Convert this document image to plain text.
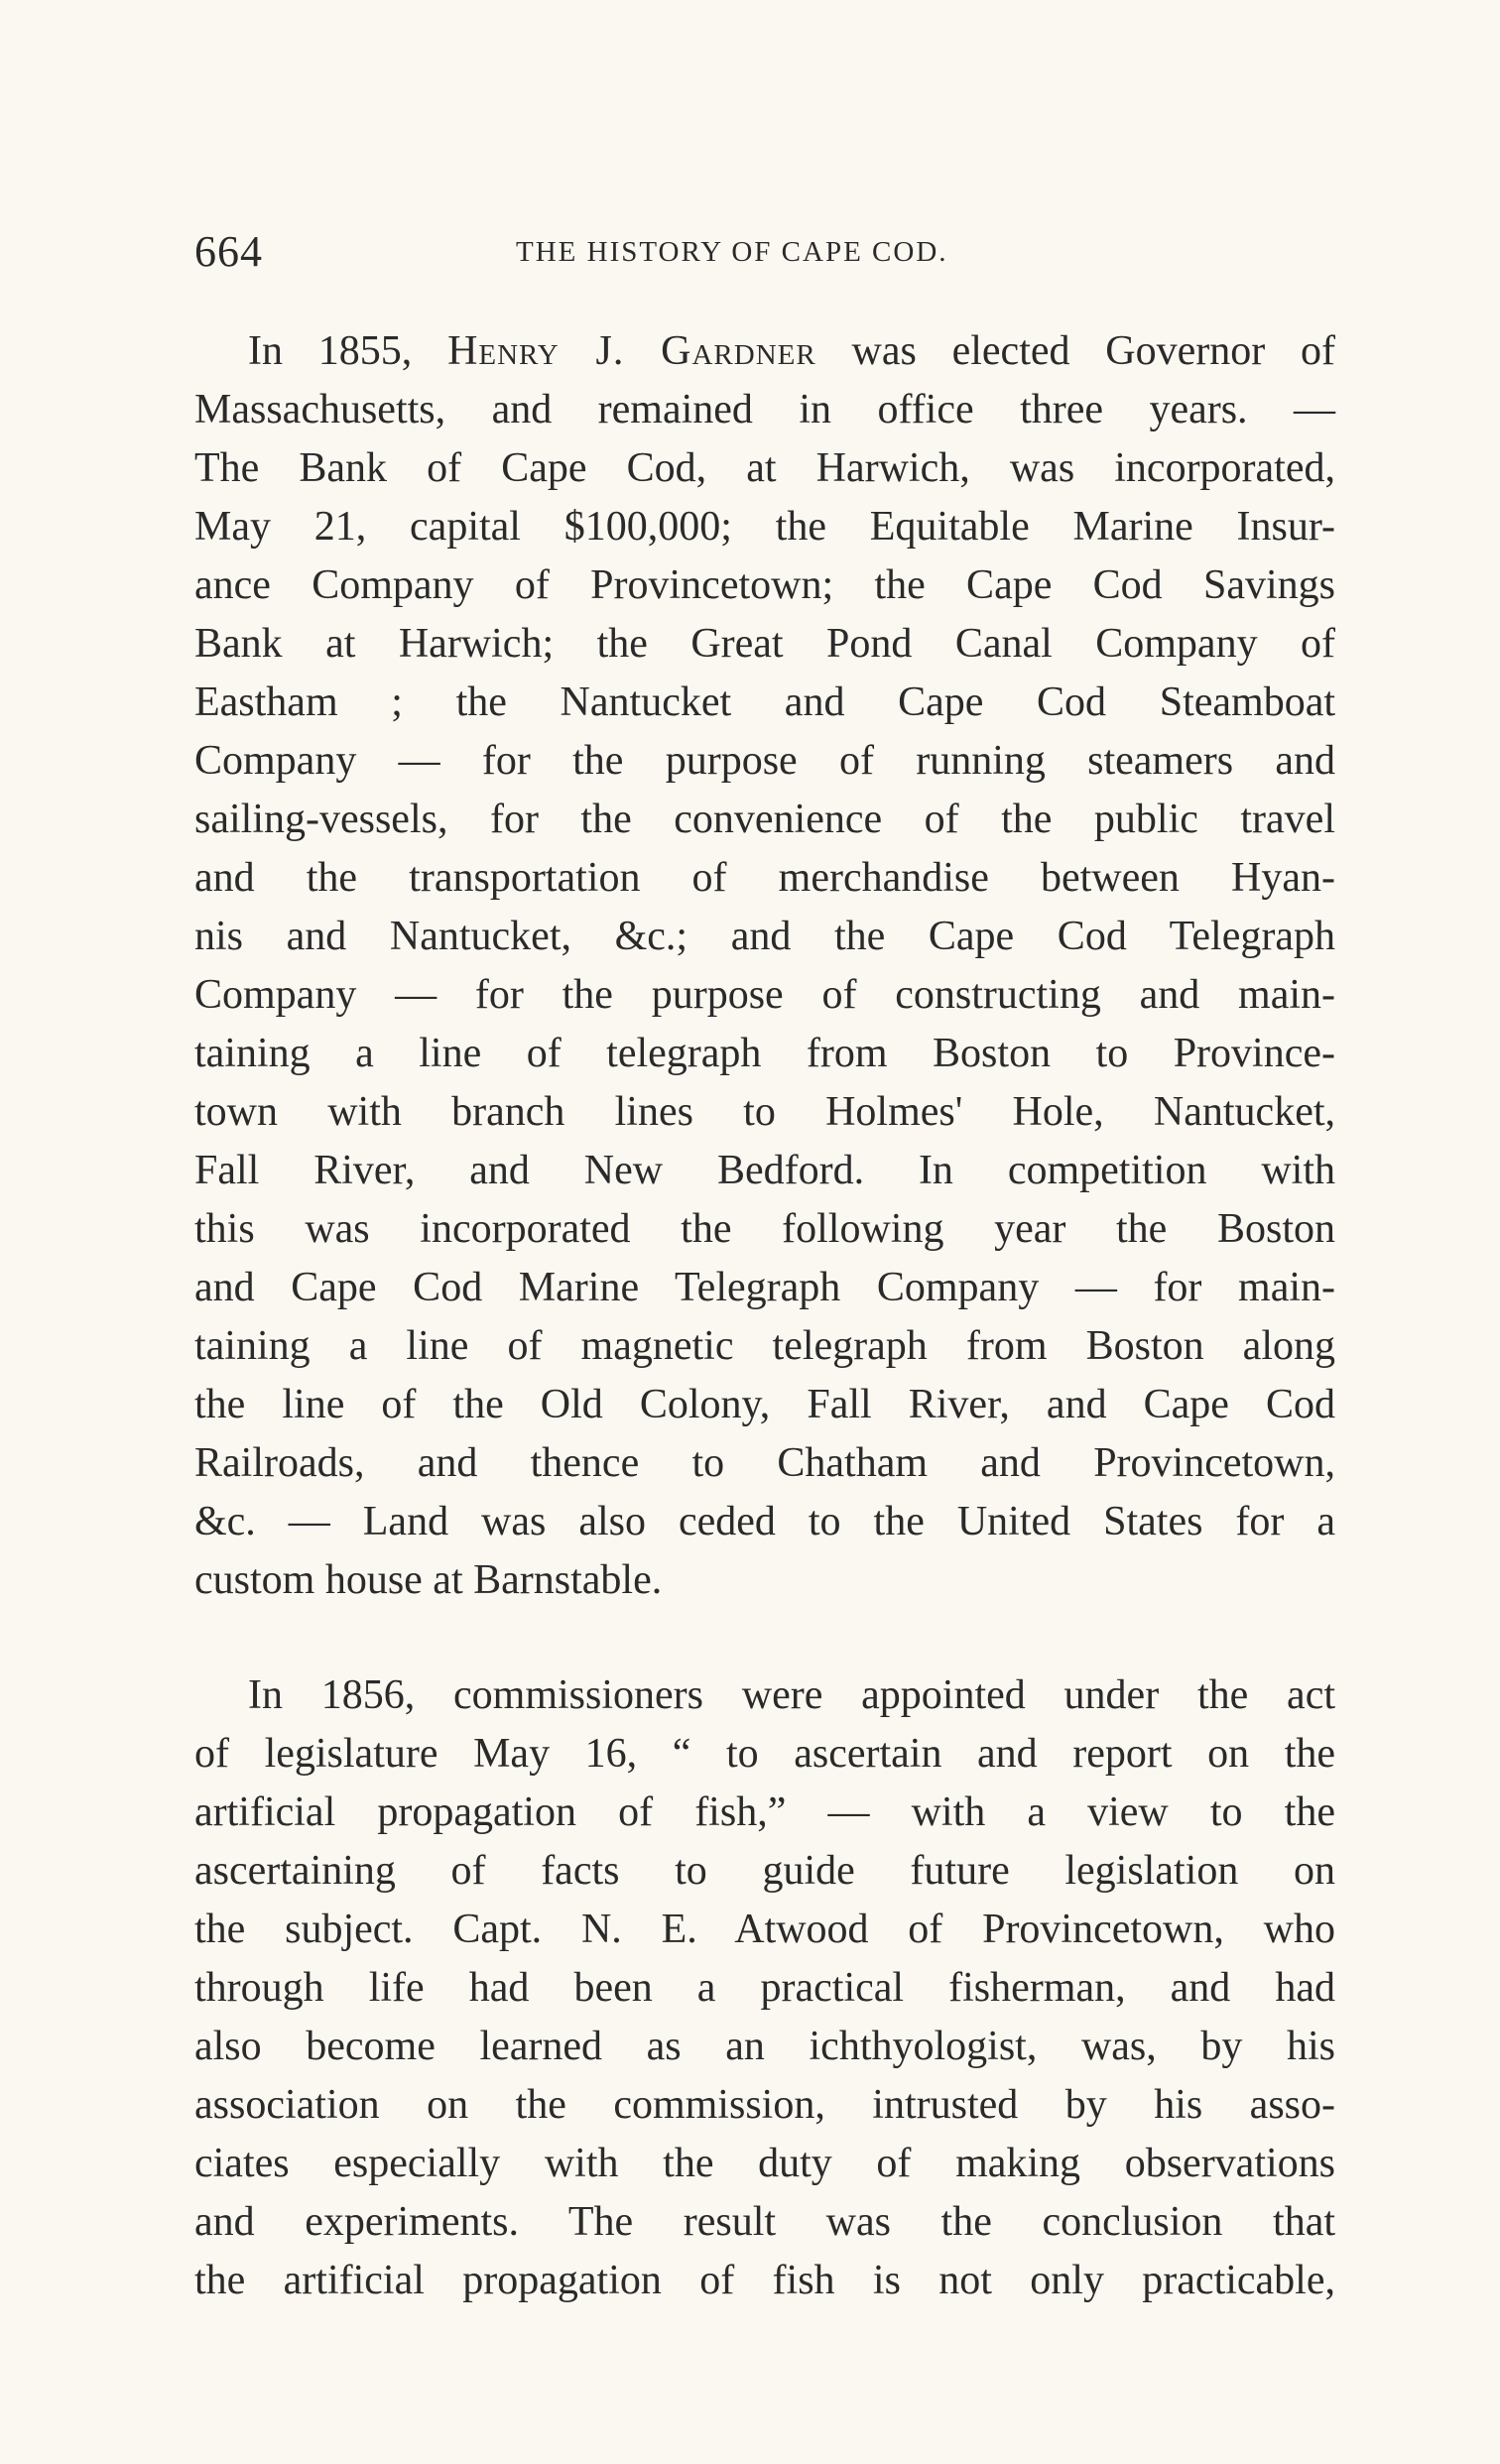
664	THE HISTORY OF CAPE COD.
In 1855, Henry J. Gardner was elected Governor of
Massachusetts, and remained in office three years. —
The Bank of Cape Cod, at Harwich, was incorporated,
May 21, capital $100,000; the Equitable Marine Insur-
ance Company of Provincetown; the Cape Cod Savings
Bank at Harwich; the Great Pond Canal Company of
Eastham ; the Nantucket and Cape Cod Steamboat
Company — for the purpose of running steamers and
sailing-vessels, for the convenience of the public travel
and the transportation of merchandise between Hyan-
nis and Nantucket, &c.; and the Cape Cod Telegraph
Company — for the purpose of constructing and main-
taining a line of telegraph from Boston to Province-
town with branch lines to Holmes' Hole, Nantucket,
Fall River, and New Bedford. In competition with
this was incorporated the following year the Boston
and Cape Cod Marine Telegraph Company — for main-
taining a line of magnetic telegraph from Boston along
the line of the Old Colony, Fall River, and Cape Cod
Railroads, and thence to Chatham and Provincetown,
&c. — Land was also ceded to the United States for a
custom house at Barnstable.
In 1856, commissioners were appointed under the act
of legislature May 16, “ to ascertain and report on the
artificial propagation of fish,” — with a view to the
ascertaining of facts to guide future legislation on
the subject. Capt. N. E. Atwood of Provincetown, who
through life had been a practical fisherman, and had
also become learned as an ichthyologist, was, by his
association on the commission, intrusted by his asso-
ciates especially with the duty of making observations
and experiments. The result was the conclusion that
the artificial propagation of fish is not only practicable,
